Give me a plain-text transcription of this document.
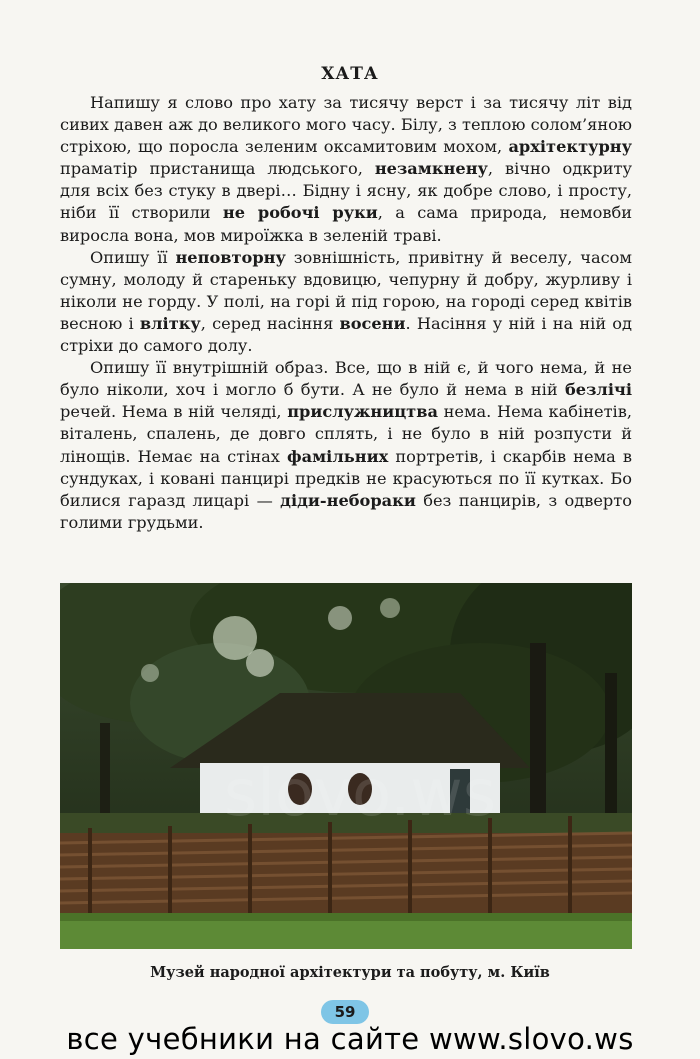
ХАТА

Напишу я слово про хату за тисячу верст і за тисячу літ від сивих давен аж до великого мого часу. Білу, з теплою солом’яною стріхою, що поросла зеленим оксамитовим мохом, архітектурну праматір пристанища людського, незамкнену, вічно одкриту для всіх без стуку в двері… Бідну і ясну, як добре слово, і просту, ніби її створили не робочі руки, а сама природа, немовби виросла вона, мов мироїжка в зеленій траві.

Опишу її неповторну зовнішність, привітну й веселу, часом сумну, молоду й стареньку вдовицю, чепурну й добру, журливу і ніколи не горду. У полі, на горі й під горою, на городі серед квітів весною і влітку, серед насіння восени. Насіння у ній і на ній од стріхи до самого долу.

Опишу її внутрішній образ. Все, що в ній є, й чого нема, й не було ніколи, хоч і могло б бути. А не було й нема в ній безлічі речей. Нема в ній челяді, прислужництва нема. Нема кабінетів, віталень, спалень, де довго сплять, і не було в ній розпусти й лінощів. Немає на стінах фамільних портретів, і скарбів нема в сундуках, і ковані панцирі предків не красуються по її кутках. Бо билися гаразд лицарі — діди-неборaки без панцирів, з одверто голими грудьми.

slovo.ws
Музей народної архітектури та побуту, м. Київ
59
все учебники на сайте www.slovo.ws
